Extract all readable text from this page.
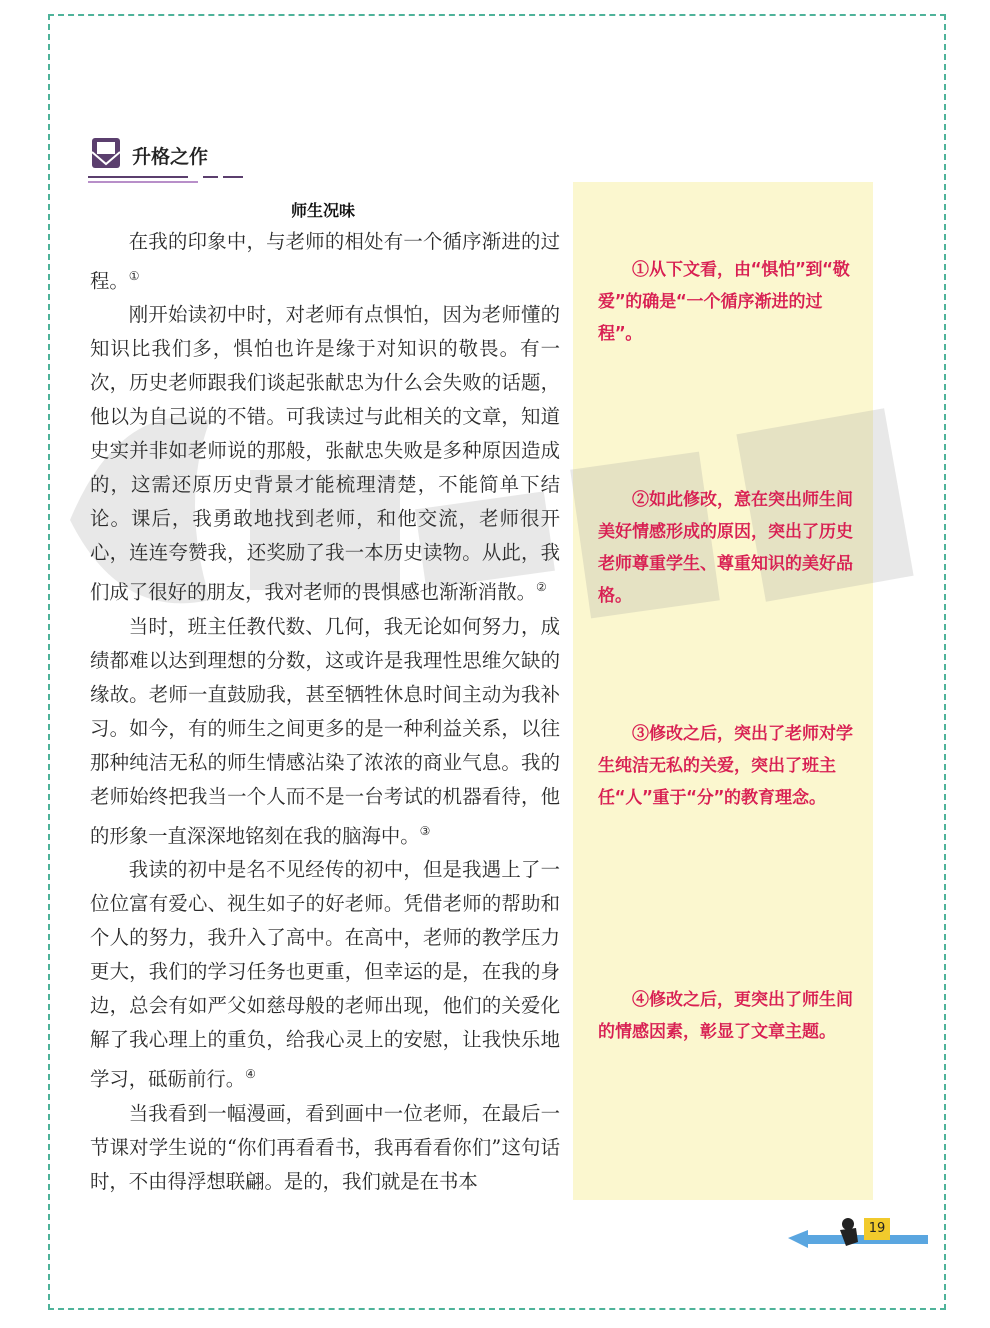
升格之作
师生况味

在我的印象中，与老师的相处有一个循序渐进的过程。①

刚开始读初中时，对老师有点惧怕，因为老师懂的知识比我们多，惧怕也许是缘于对知识的敬畏。有一次，历史老师跟我们谈起张献忠为什么会失败的话题，他以为自己说的不错。可我读过与此相关的文章，知道史实并非如老师说的那般，张献忠失败是多种原因造成的，这需还原历史背景才能梳理清楚，不能简单下结论。课后，我勇敢地找到老师，和他交流，老师很开心，连连夸赞我，还奖励了我一本历史读物。从此，我们成了很好的朋友，我对老师的畏惧感也渐渐消散。②

当时，班主任教代数、几何，我无论如何努力，成绩都难以达到理想的分数，这或许是我理性思维欠缺的缘故。老师一直鼓励我，甚至牺牲休息时间主动为我补习。如今，有的师生之间更多的是一种利益关系，以往那种纯洁无私的师生情感沾染了浓浓的商业气息。我的老师始终把我当一个人而不是一台考试的机器看待，他的形象一直深深地铭刻在我的脑海中。③

我读的初中是名不见经传的初中，但是我遇上了一位位富有爱心、视生如子的好老师。凭借老师的帮助和个人的努力，我升入了高中。在高中，老师的教学压力更大，我们的学习任务也更重，但幸运的是，在我的身边，总会有如严父如慈母般的老师出现，他们的关爱化解了我心理上的重负，给我心灵上的安慰，让我快乐地学习，砥砺前行。④

当我看到一幅漫画，看到画中一位老师，在最后一节课对学生说的“你们再看看书，我再看看你们”这句话时，不由得浮想联翩。是的，我们就是在书本

①从下文看，由“惧怕”到“敬爱”的确是“一个循序渐进的过程”。
②如此修改，意在突出师生间美好情感形成的原因，突出了历史老师尊重学生、尊重知识的美好品格。
③修改之后，突出了老师对学生纯洁无私的关爱，突出了班主任“人”重于“分”的教育理念。
④修改之后，更突出了师生间的情感因素，彰显了文章主题。
19
